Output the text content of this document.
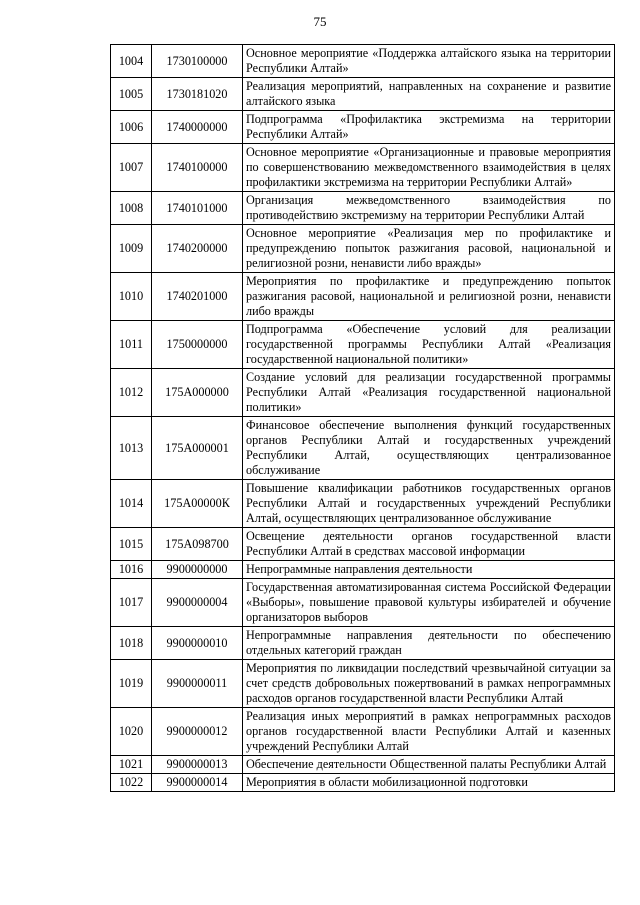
75
1004	1730100000	Основное мероприятие «Поддержка алтайского языка на территории Республики Алтай»
1005	1730181020	Реализация мероприятий, направленных на сохранение и развитие алтайского языка
1006	1740000000	Подпрограмма «Профилактика экстремизма на территории Республики Алтай»
1007	1740100000	Основное мероприятие «Организационные и правовые мероприятия по совершенствованию межведомственного взаимодействия в целях профилактики экстремизма на территории Республики Алтай»
1008	1740101000	Организация межведомственного взаимодействия по противодействию экстремизму на территории Республики Алтай
1009	1740200000	Основное мероприятие «Реализация мер по профилактике и предупреждению попыток разжигания расовой, национальной и религиозной розни, ненависти либо вражды»
1010	1740201000	Мероприятия по профилактике и предупреждению попыток разжигания расовой, национальной и религиозной розни, ненависти либо вражды
1011	1750000000	Подпрограмма «Обеспечение условий для реализации государственной программы Республики Алтай «Реализация государственной национальной политики»
1012	175А000000	Создание условий для реализации государственной программы Республики Алтай «Реализация государственной национальной политики»
1013	175А000001	Финансовое обеспечение выполнения функций государственных органов Республики Алтай и государственных учреждений Республики Алтай, осуществляющих централизованное обслуживание
1014	175А00000К	Повышение квалификации работников государственных органов Республики Алтай и государственных учреждений Республики Алтай, осуществляющих централизованное обслуживание
1015	175А098700	Освещение деятельности органов государственной власти Республики Алтай в средствах массовой информации
1016	9900000000	Непрограммные направления деятельности
1017	9900000004	Государственная автоматизированная система Российской Федерации «Выборы», повышение правовой культуры избирателей и обучение организаторов выборов
1018	9900000010	Непрограммные направления деятельности по обеспечению отдельных категорий граждан
1019	9900000011	Мероприятия по ликвидации последствий чрезвычайной ситуации за счет средств добровольных пожертвований в рамках непрограммных расходов органов государственной власти Республики Алтай
1020	9900000012	Реализация иных мероприятий в рамках непрограммных расходов органов государственной власти Республики Алтай и казенных учреждений Республики Алтай
1021	9900000013	Обеспечение деятельности Общественной палаты Республики Алтай
1022	9900000014	Мероприятия в области мобилизационной подготовки
